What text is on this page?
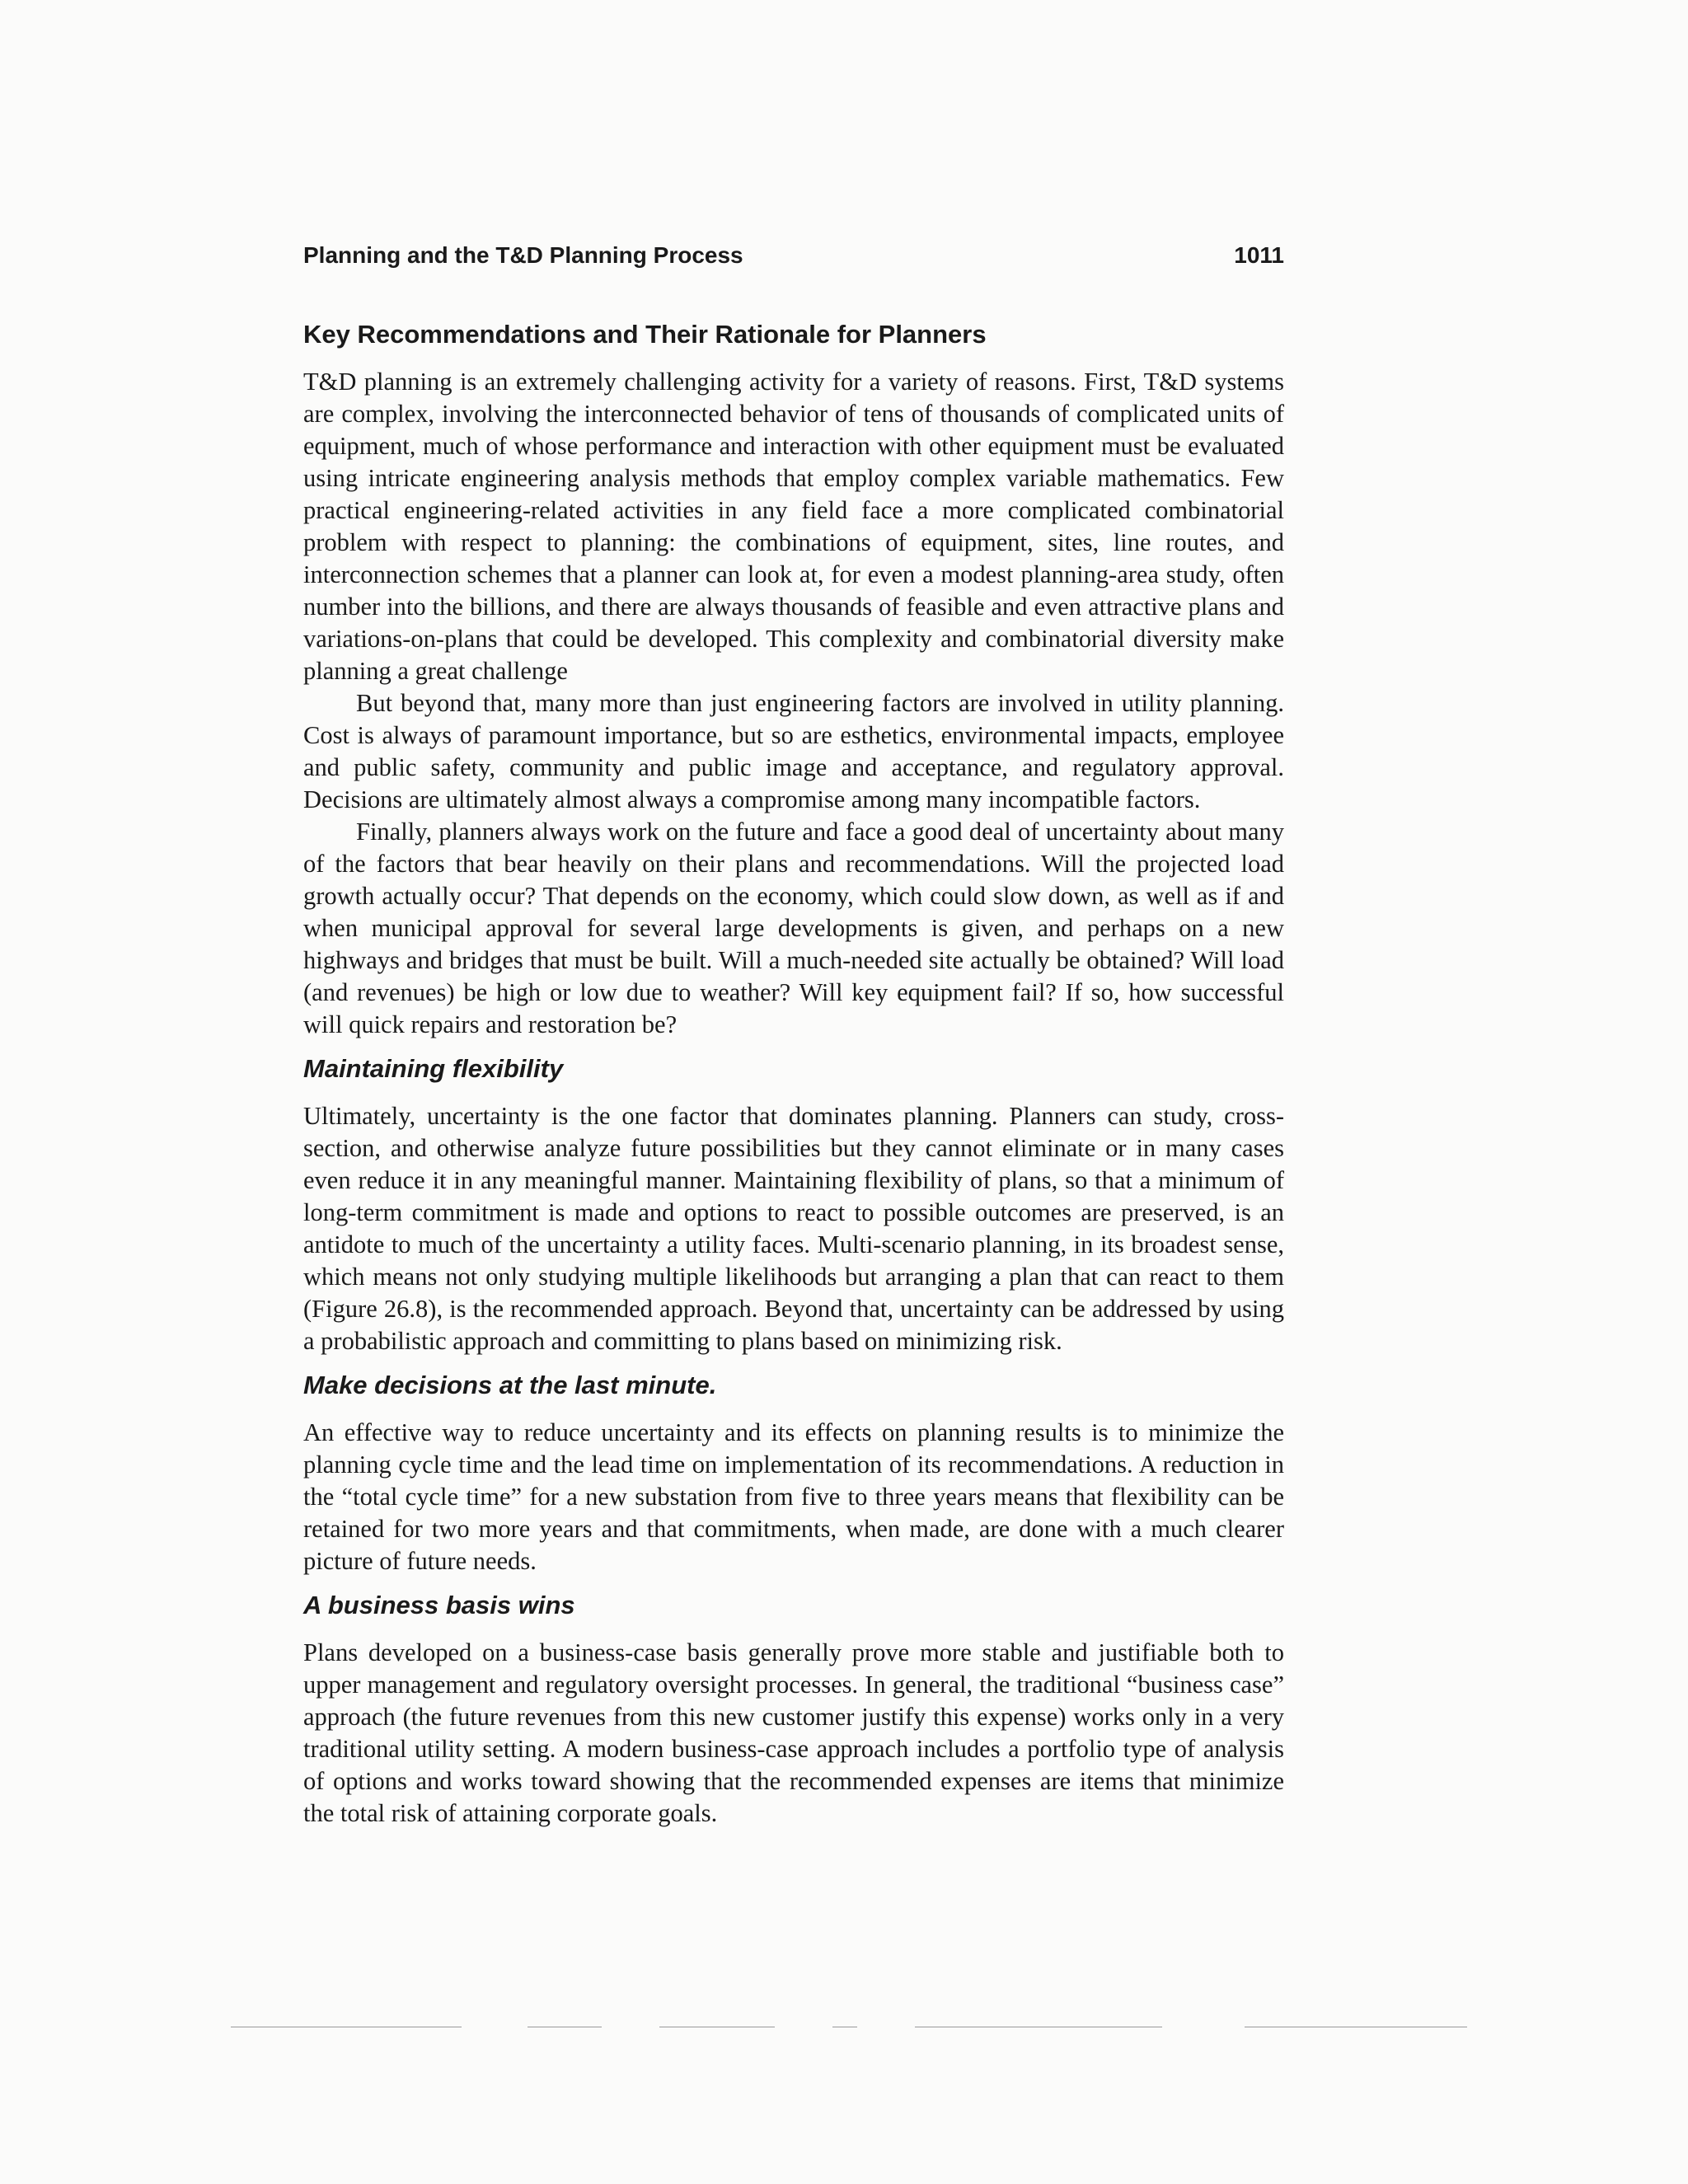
Planning and the T&D Planning Process	1011
Key Recommendations and Their Rationale for Planners

T&D planning is an extremely challenging activity for a variety of reasons. First, T&D systems are complex, involving the interconnected behavior of tens of thousands of complicated units of equipment, much of whose performance and interaction with other equipment must be evaluated using intricate engineering analysis methods that employ complex variable mathematics. Few practical engineering-related activities in any field face a more complicated combinatorial problem with respect to planning: the combinations of equipment, sites, line routes, and interconnection schemes that a planner can look at, for even a modest planning-area study, often number into the billions, and there are always thousands of feasible and even attractive plans and variations-on-plans that could be developed. This complexity and combinatorial diversity make planning a great challenge

But beyond that, many more than just engineering factors are involved in utility planning. Cost is always of paramount importance, but so are esthetics, environmental impacts, employee and public safety, community and public image and acceptance, and regulatory approval. Decisions are ultimately almost always a compromise among many incompatible factors.

Finally, planners always work on the future and face a good deal of uncertainty about many of the factors that bear heavily on their plans and recommendations. Will the projected load growth actually occur? That depends on the economy, which could slow down, as well as if and when municipal approval for several large developments is given, and perhaps on a new highways and bridges that must be built. Will a much-needed site actually be obtained? Will load (and revenues) be high or low due to weather? Will key equipment fail? If so, how successful will quick repairs and restoration be?

Maintaining flexibility

Ultimately, uncertainty is the one factor that dominates planning. Planners can study, cross-section, and otherwise analyze future possibilities but they cannot eliminate or in many cases even reduce it in any meaningful manner. Maintaining flexibility of plans, so that a minimum of long-term commitment is made and options to react to possible outcomes are preserved, is an antidote to much of the uncertainty a utility faces. Multi-scenario planning, in its broadest sense, which means not only studying multiple likelihoods but arranging a plan that can react to them (Figure 26.8), is the recommended approach. Beyond that, uncertainty can be addressed by using a probabilistic approach and committing to plans based on minimizing risk.

Make decisions at the last minute.

An effective way to reduce uncertainty and its effects on planning results is to minimize the planning cycle time and the lead time on implementation of its recommendations. A reduction in the “total cycle time” for a new substation from five to three years means that flexibility can be retained for two more years and that commitments, when made, are done with a much clearer picture of future needs.

A business basis wins

Plans developed on a business-case basis generally prove more stable and justifiable both to upper management and regulatory oversight processes. In general, the traditional “business case” approach (the future revenues from this new customer justify this expense) works only in a very traditional utility setting. A modern business-case approach includes a portfolio type of analysis of options and works toward showing that the recommended expenses are items that minimize the total risk of attaining corporate goals.
